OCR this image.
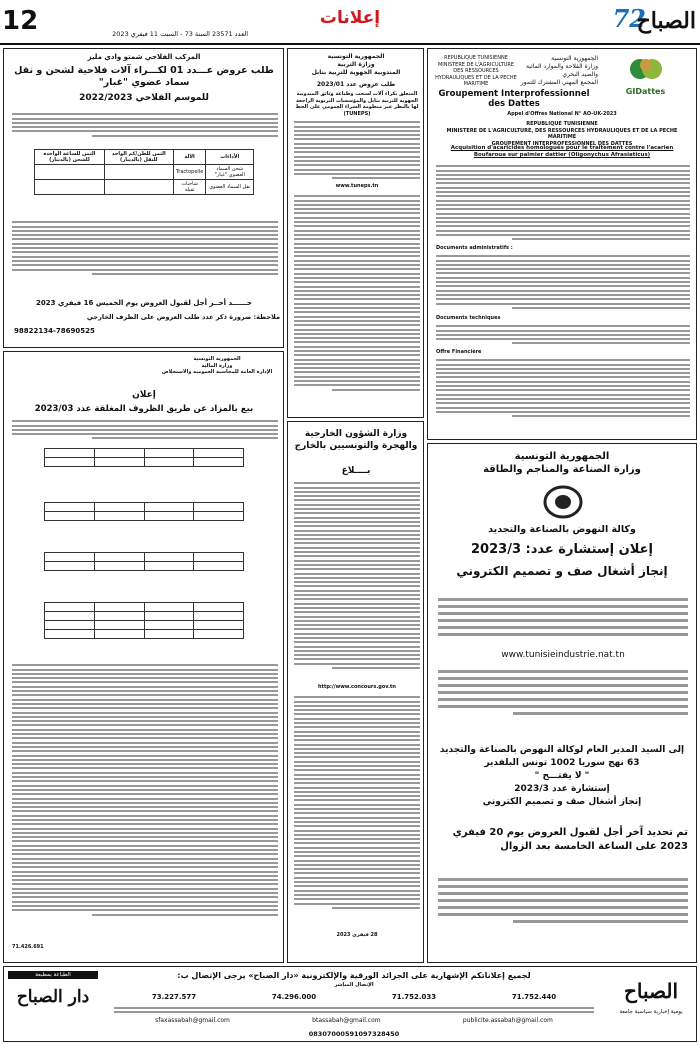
72
الصباح
إعلانات
12	العدد 23571 السنة 73 - السبت 11 فيفري 2023
GIDattes
الجمهورية التونسية
وزارة الفلاحة والموارد المائية والصيد البحري
المجمع المهني المشترك للتمور
REPUBLIQUE TUNISIENNE
MINISTERE DE L'AGRICULTURE DES RESSOURCES HYDRAULIQUES ET DE LA PECHE MARITIME
Groupement Interprofessionnel
des Dattes
Appel d'Offres National N° AO-UK-2023
REPUBLIQUE TUNISIENNE
MINISTERE DE L'AGRICULTURE, DES RESSOURCES HYDRAULIQUES ET DE LA PECHE MARITIME
GROUPEMENT INTERPROFESSIONNEL DES DATTES
Acquisition d'acaricides homologués pour le traitement contre l'acarien Boufaroua sur palmier dattier (Oligonychus Afrasiaticus)
Documents administratifs :
Documents techniques
Offre Financière
الجمهورية التونسية
وزارة الصناعة والمناجم والطاقة
وكالة النهوض بالصناعة والتجديد
إعلان إستشارة عدد: 2023/3
إنجاز أشغال صف و تصميم الكتروني
www.tunisieindustrie.nat.tn
إلى السيد المدير العام لوكالة النهوض بالصناعة والتجديد
63 نهج سوريا 1002 تونس البلفدير
" لا يفتـــح "
إستشارة عدد 2023/3
إنجاز أشغال صف و تصميم الكتروني
تم تحديد آخر أجل لقبول العروض يوم 20 فيفري 2023 على الساعة الخامسة بعد الزوال
الجمهورية التونسية
وزارة التربية
المندوبية الجهوية للتربية بنابل
طلب عروض عدد 2023/01
المتعلق بكراء آلات لسحب وطباعة وثائق المندوبية الجهوية للتربية بنابل والمؤسسات التربوية الراجعة لها بالنظر عبر منظومة الشراء العمومي على الخط (TUNEPS)
www.tuneps.tn
وزارة الشؤون الخارجية والهجرة والتونسيين بالخارج
بــــلاغ
http://www.concours.gov.tn
28 فيفري 2023
المركب الفلاحي شمتو وادي مليز
طلب عروض عـــدد 01 لكـــراء آلات فلاحية لشحن و نقل سماد عضوي "غبار"
للموسم الفلاحي 2022/2023
الأداءات	الآلة	الثمن للطن/كم الواحد للنقل (بالدينار)	الثمن للساعة الواحدة للشحن (بالدينار)
شحن السماد العضوي "غبار"	Tractopelle		
نقل السماد العضوي	شاحنات ثقيلة		
حــــــد أخــر أجل لقبول العروض يوم الخميس 16 فيفري 2023
ملاحظة: ضرورة ذكر عدد طلب العروض على الظرف الخارجي
98822134-78690525
الجمهورية التونسية
وزارة المالية
الإدارة العامة للمحاسبة العمومية والاستخلاص
إعلان
بيع بالمزاد عن طريق الظروف المغلقة عدد 2023/03

71.426.691
الصباح
يومية إخبارية سياسية جامعة
لجميع إعلاناتكم الإشهارية على الجرائد الورقية والإلكترونية «دار الصباح» يرجى الإتصال ب:
الإتصال المباشر
73.227.577	74.296.000	71.752.033	71.752.440
sfaxassabah@gmail.com	btassabah@gmail.com	publicite.assabah@gmail.com
08307000591097328450
الطباعة بمطبعة
دار الصباح
